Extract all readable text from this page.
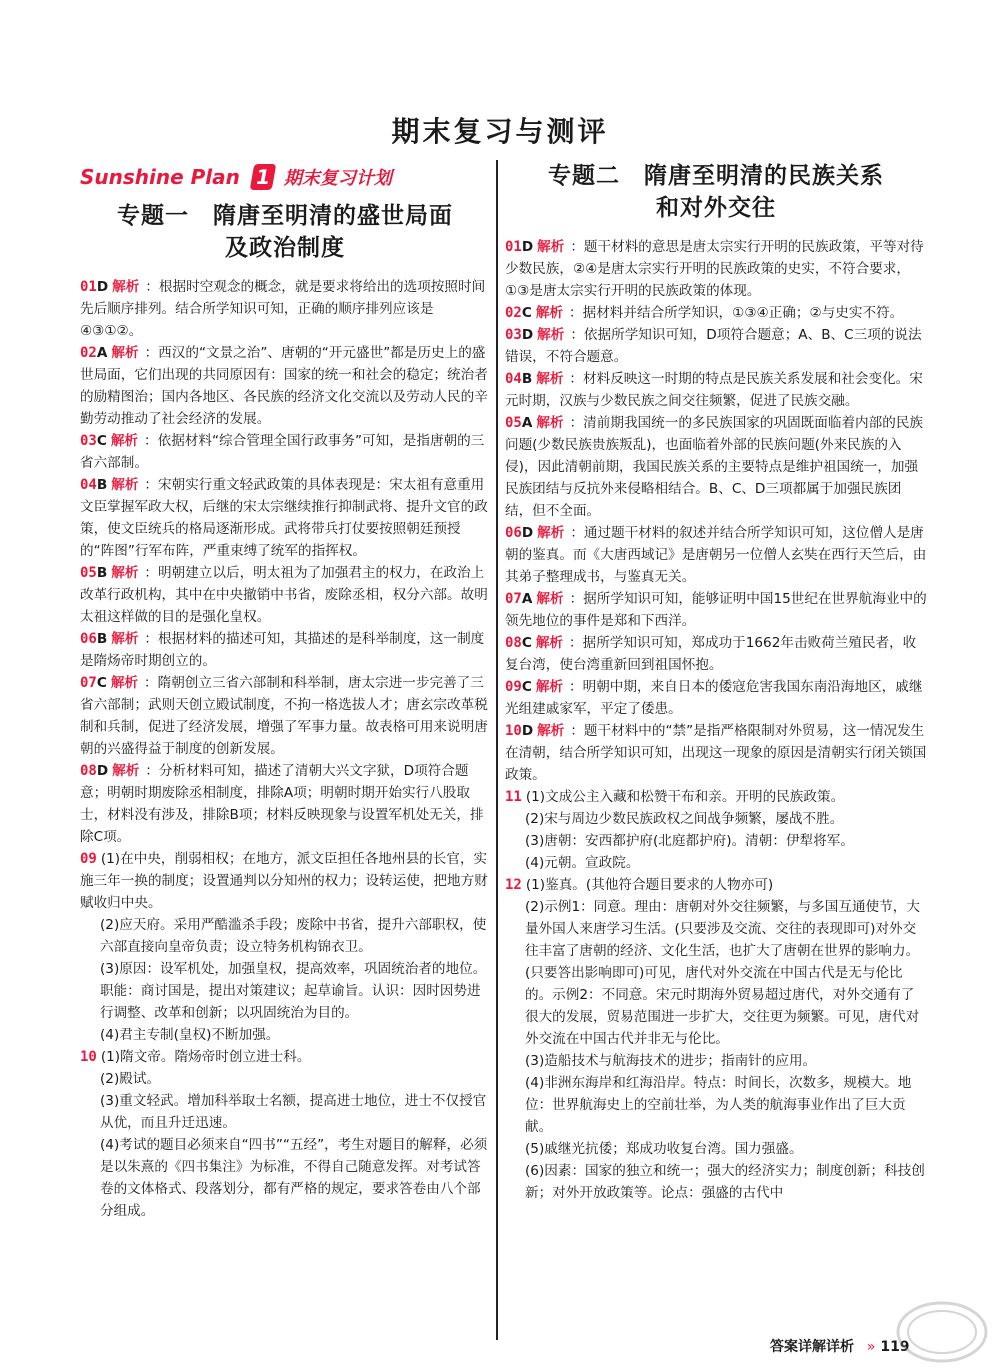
期末复习与测评
Sunshine Plan 1 期末复习计划
专题一　隋唐至明清的盛世局面
及政治制度
01D 解析 ：根据时空观念的概念，就是要求将给出的选项按照时间先后顺序排列。结合所学知识可知，正确的顺序排列应该是④③①②。
02A 解析 ：西汉的“文景之治”、唐朝的“开元盛世”都是历史上的盛世局面，它们出现的共同原因有：国家的统一和社会的稳定；统治者的励精图治；国内各地区、各民族的经济文化交流以及劳动人民的辛勤劳动推动了社会经济的发展。
03C 解析 ：依据材料“综合管理全国行政事务”可知，是指唐朝的三省六部制。
04B 解析 ：宋朝实行重文轻武政策的具体表现是：宋太祖有意重用文臣掌握军政大权，后继的宋太宗继续推行抑制武将、提升文官的政策，使文臣统兵的格局逐渐形成。武将带兵打仗要按照朝廷预授的“阵图”行军布阵，严重束缚了统军的指挥权。
05B 解析 ：明朝建立以后，明太祖为了加强君主的权力，在政治上改革行政机构，其中在中央撤销中书省，废除丞相，权分六部。故明太祖这样做的目的是强化皇权。
06B 解析 ：根据材料的描述可知，其描述的是科举制度，这一制度是隋炀帝时期创立的。
07C 解析 ：隋朝创立三省六部制和科举制，唐太宗进一步完善了三省六部制；武则天创立殿试制度，不拘一格选拔人才；唐玄宗改革税制和兵制，促进了经济发展，增强了军事力量。故表格可用来说明唐朝的兴盛得益于制度的创新发展。
08D 解析 ：分析材料可知，描述了清朝大兴文字狱，D项符合题意；明朝时期废除丞相制度，排除A项；明朝时期开始实行八股取士，材料没有涉及，排除B项；材料反映现象与设置军机处无关，排除C项。
09 (1)在中央，削弱相权；在地方，派文臣担任各地州县的长官，实施三年一换的制度；设置通判以分知州的权力；设转运使，把地方财赋收归中央。
(2)应天府。采用严酷滥杀手段；废除中书省，提升六部职权，使六部直接向皇帝负责；设立特务机构锦衣卫。
(3)原因：设军机处，加强皇权，提高效率，巩固统治者的地位。职能：商讨国是，提出对策建议；起草谕旨。认识：因时因势进行调整、改革和创新；以巩固统治为目的。
(4)君主专制(皇权)不断加强。
10 (1)隋文帝。隋炀帝时创立进士科。
(2)殿试。
(3)重文轻武。增加科举取士名额，提高进士地位，进士不仅授官从优，而且升迁迅速。
(4)考试的题目必须来自“四书”“五经”，考生对题目的解释，必须是以朱熹的《四书集注》为标准，不得自己随意发挥。对考试答卷的文体格式、段落划分，都有严格的规定，要求答卷由八个部分组成。
专题二　隋唐至明清的民族关系
和对外交往
01D 解析 ：题干材料的意思是唐太宗实行开明的民族政策，平等对待少数民族，②④是唐太宗实行开明的民族政策的史实，不符合要求，①③是唐太宗实行开明的民族政策的体现。
02C 解析 ：据材料并结合所学知识，①③④正确；②与史实不符。
03D 解析 ：依据所学知识可知，D项符合题意；A、B、C三项的说法错误，不符合题意。
04B 解析 ：材料反映这一时期的特点是民族关系发展和社会变化。宋元时期，汉族与少数民族之间交往频繁，促进了民族交融。
05A 解析 ：清前期我国统一的多民族国家的巩固既面临着内部的民族问题(少数民族贵族叛乱)，也面临着外部的民族问题(外来民族的入侵)，因此清朝前期，我国民族关系的主要特点是维护祖国统一，加强民族团结与反抗外来侵略相结合。B、C、D三项都属于加强民族团结，但不全面。
06D 解析 ：通过题干材料的叙述并结合所学知识可知，这位僧人是唐朝的鉴真。而《大唐西域记》是唐朝另一位僧人玄奘在西行天竺后，由其弟子整理成书，与鉴真无关。
07A 解析 ：据所学知识可知，能够证明中国15世纪在世界航海业中的领先地位的事件是郑和下西洋。
08C 解析 ：据所学知识可知，郑成功于1662年击败荷兰殖民者，收复台湾，使台湾重新回到祖国怀抱。
09C 解析 ：明朝中期，来自日本的倭寇危害我国东南沿海地区，戚继光组建戚家军，平定了倭患。
10D 解析 ：题干材料中的“禁”是指严格限制对外贸易，这一情况发生在清朝，结合所学知识可知，出现这一现象的原因是清朝实行闭关锁国政策。
11 (1)文成公主入藏和松赞干布和亲。开明的民族政策。
(2)宋与周边少数民族政权之间战争频繁，屡战不胜。
(3)唐朝：安西都护府(北庭都护府)。清朝：伊犁将军。
(4)元朝。宣政院。
12 (1)鉴真。(其他符合题目要求的人物亦可)
(2)示例1：同意。理由：唐朝对外交往频繁，与多国互通使节，大量外国人来唐学习生活。(只要涉及交流、交往的表现即可)对外交往丰富了唐朝的经济、文化生活，也扩大了唐朝在世界的影响力。(只要答出影响即可)可见，唐代对外交流在中国古代是无与伦比的。示例2：不同意。宋元时期海外贸易超过唐代，对外交通有了很大的发展，贸易范围进一步扩大，交往更为频繁。可见，唐代对外交流在中国古代并非无与伦比。
(3)造船技术与航海技术的进步；指南针的应用。
(4)非洲东海岸和红海沿岸。特点：时间长，次数多，规模大。地位：世界航海史上的空前壮举，为人类的航海事业作出了巨大贡献。
(5)戚继光抗倭；郑成功收复台湾。国力强盛。
(6)因素：国家的独立和统一；强大的经济实力；制度创新；科技创新；对外开放政策等。论点：强盛的古代中
答案详解详析 » 119
